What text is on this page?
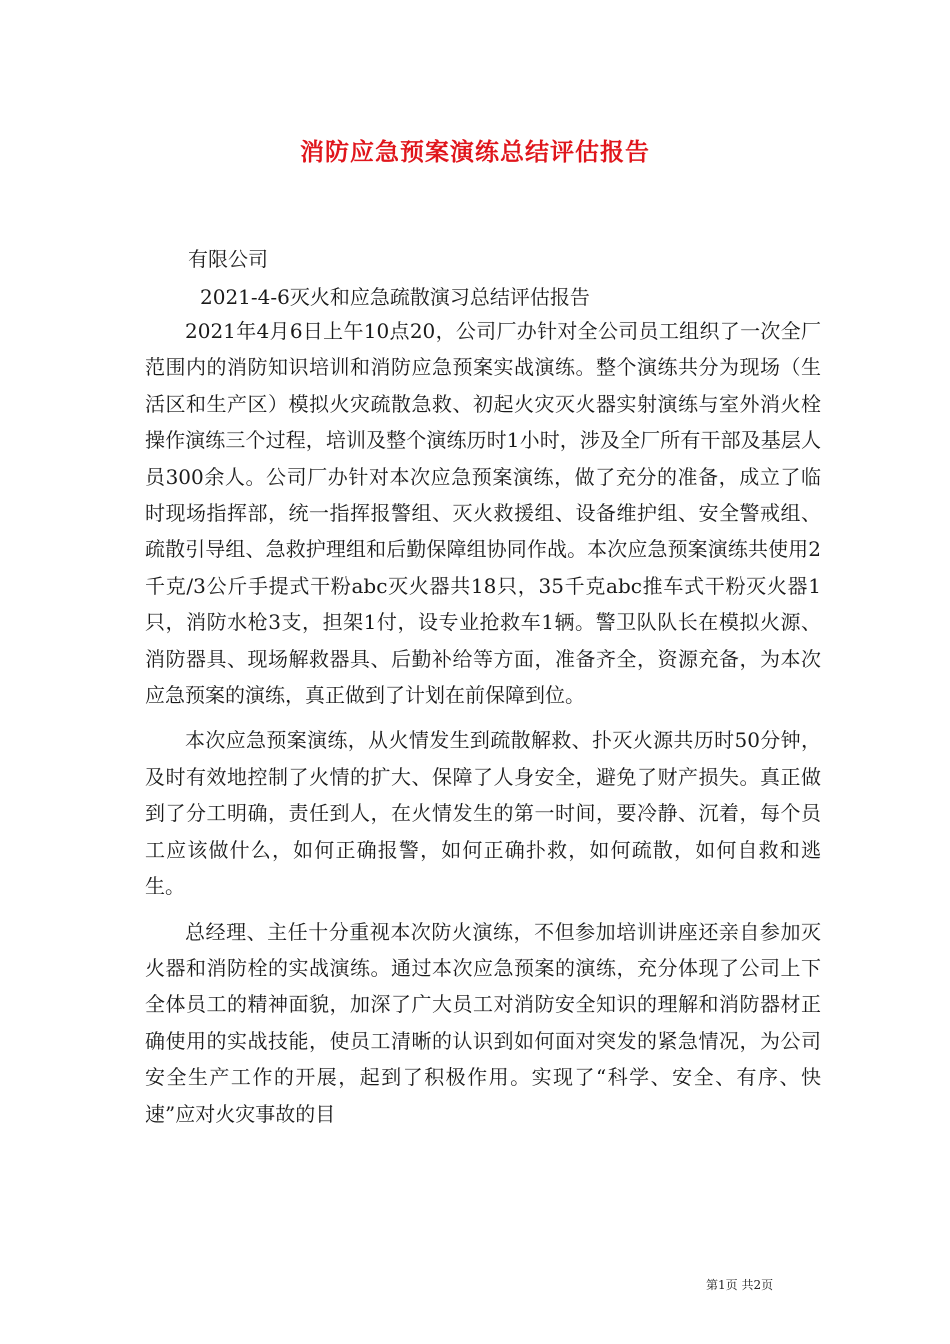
消防应急预案演练总结评估报告
有限公司
2021-4-6灭火和应急疏散演习总结评估报告

2021年4月6日上午10点20，公司厂办针对全公司员工组织了一次全厂范围内的消防知识培训和消防应急预案实战演练。整个演练共分为现场（生活区和生产区）模拟火灾疏散急救、初起火灾灭火器实射演练与室外消火栓操作演练三个过程，培训及整个演练历时1小时，涉及全厂所有干部及基层人员300余人。公司厂办针对本次应急预案演练，做了充分的准备，成立了临时现场指挥部，统一指挥报警组、灭火救援组、设备维护组、安全警戒组、疏散引导组、急救护理组和后勤保障组协同作战。本次应急预案演练共使用2千克/3公斤手提式干粉abc灭火器共18只，35千克abc推车式干粉灭火器1只，消防水枪3支，担架1付，设专业抢救车1辆。警卫队队长在模拟火源、消防器具、现场解救器具、后勤补给等方面，准备齐全，资源充备，为本次应急预案的演练，真正做到了计划在前保障到位。

本次应急预案演练，从火情发生到疏散解救、扑灭火源共历时50分钟，及时有效地控制了火情的扩大、保障了人身安全，避免了财产损失。真正做到了分工明确，责任到人，在火情发生的第一时间，要冷静、沉着，每个员工应该做什么，如何正确报警，如何正确扑救，如何疏散，如何自救和逃生。

总经理、主任十分重视本次防火演练，不但参加培训讲座还亲自参加灭火器和消防栓的实战演练。通过本次应急预案的演练，充分体现了公司上下全体员工的精神面貌，加深了广大员工对消防安全知识的理解和消防器材正确使用的实战技能，使员工清晰的认识到如何面对突发的紧急情况，为公司安全生产工作的开展，起到了积极作用。实现了“科学、安全、有序、快速”应对火灾事故的目

第1页 共2页
